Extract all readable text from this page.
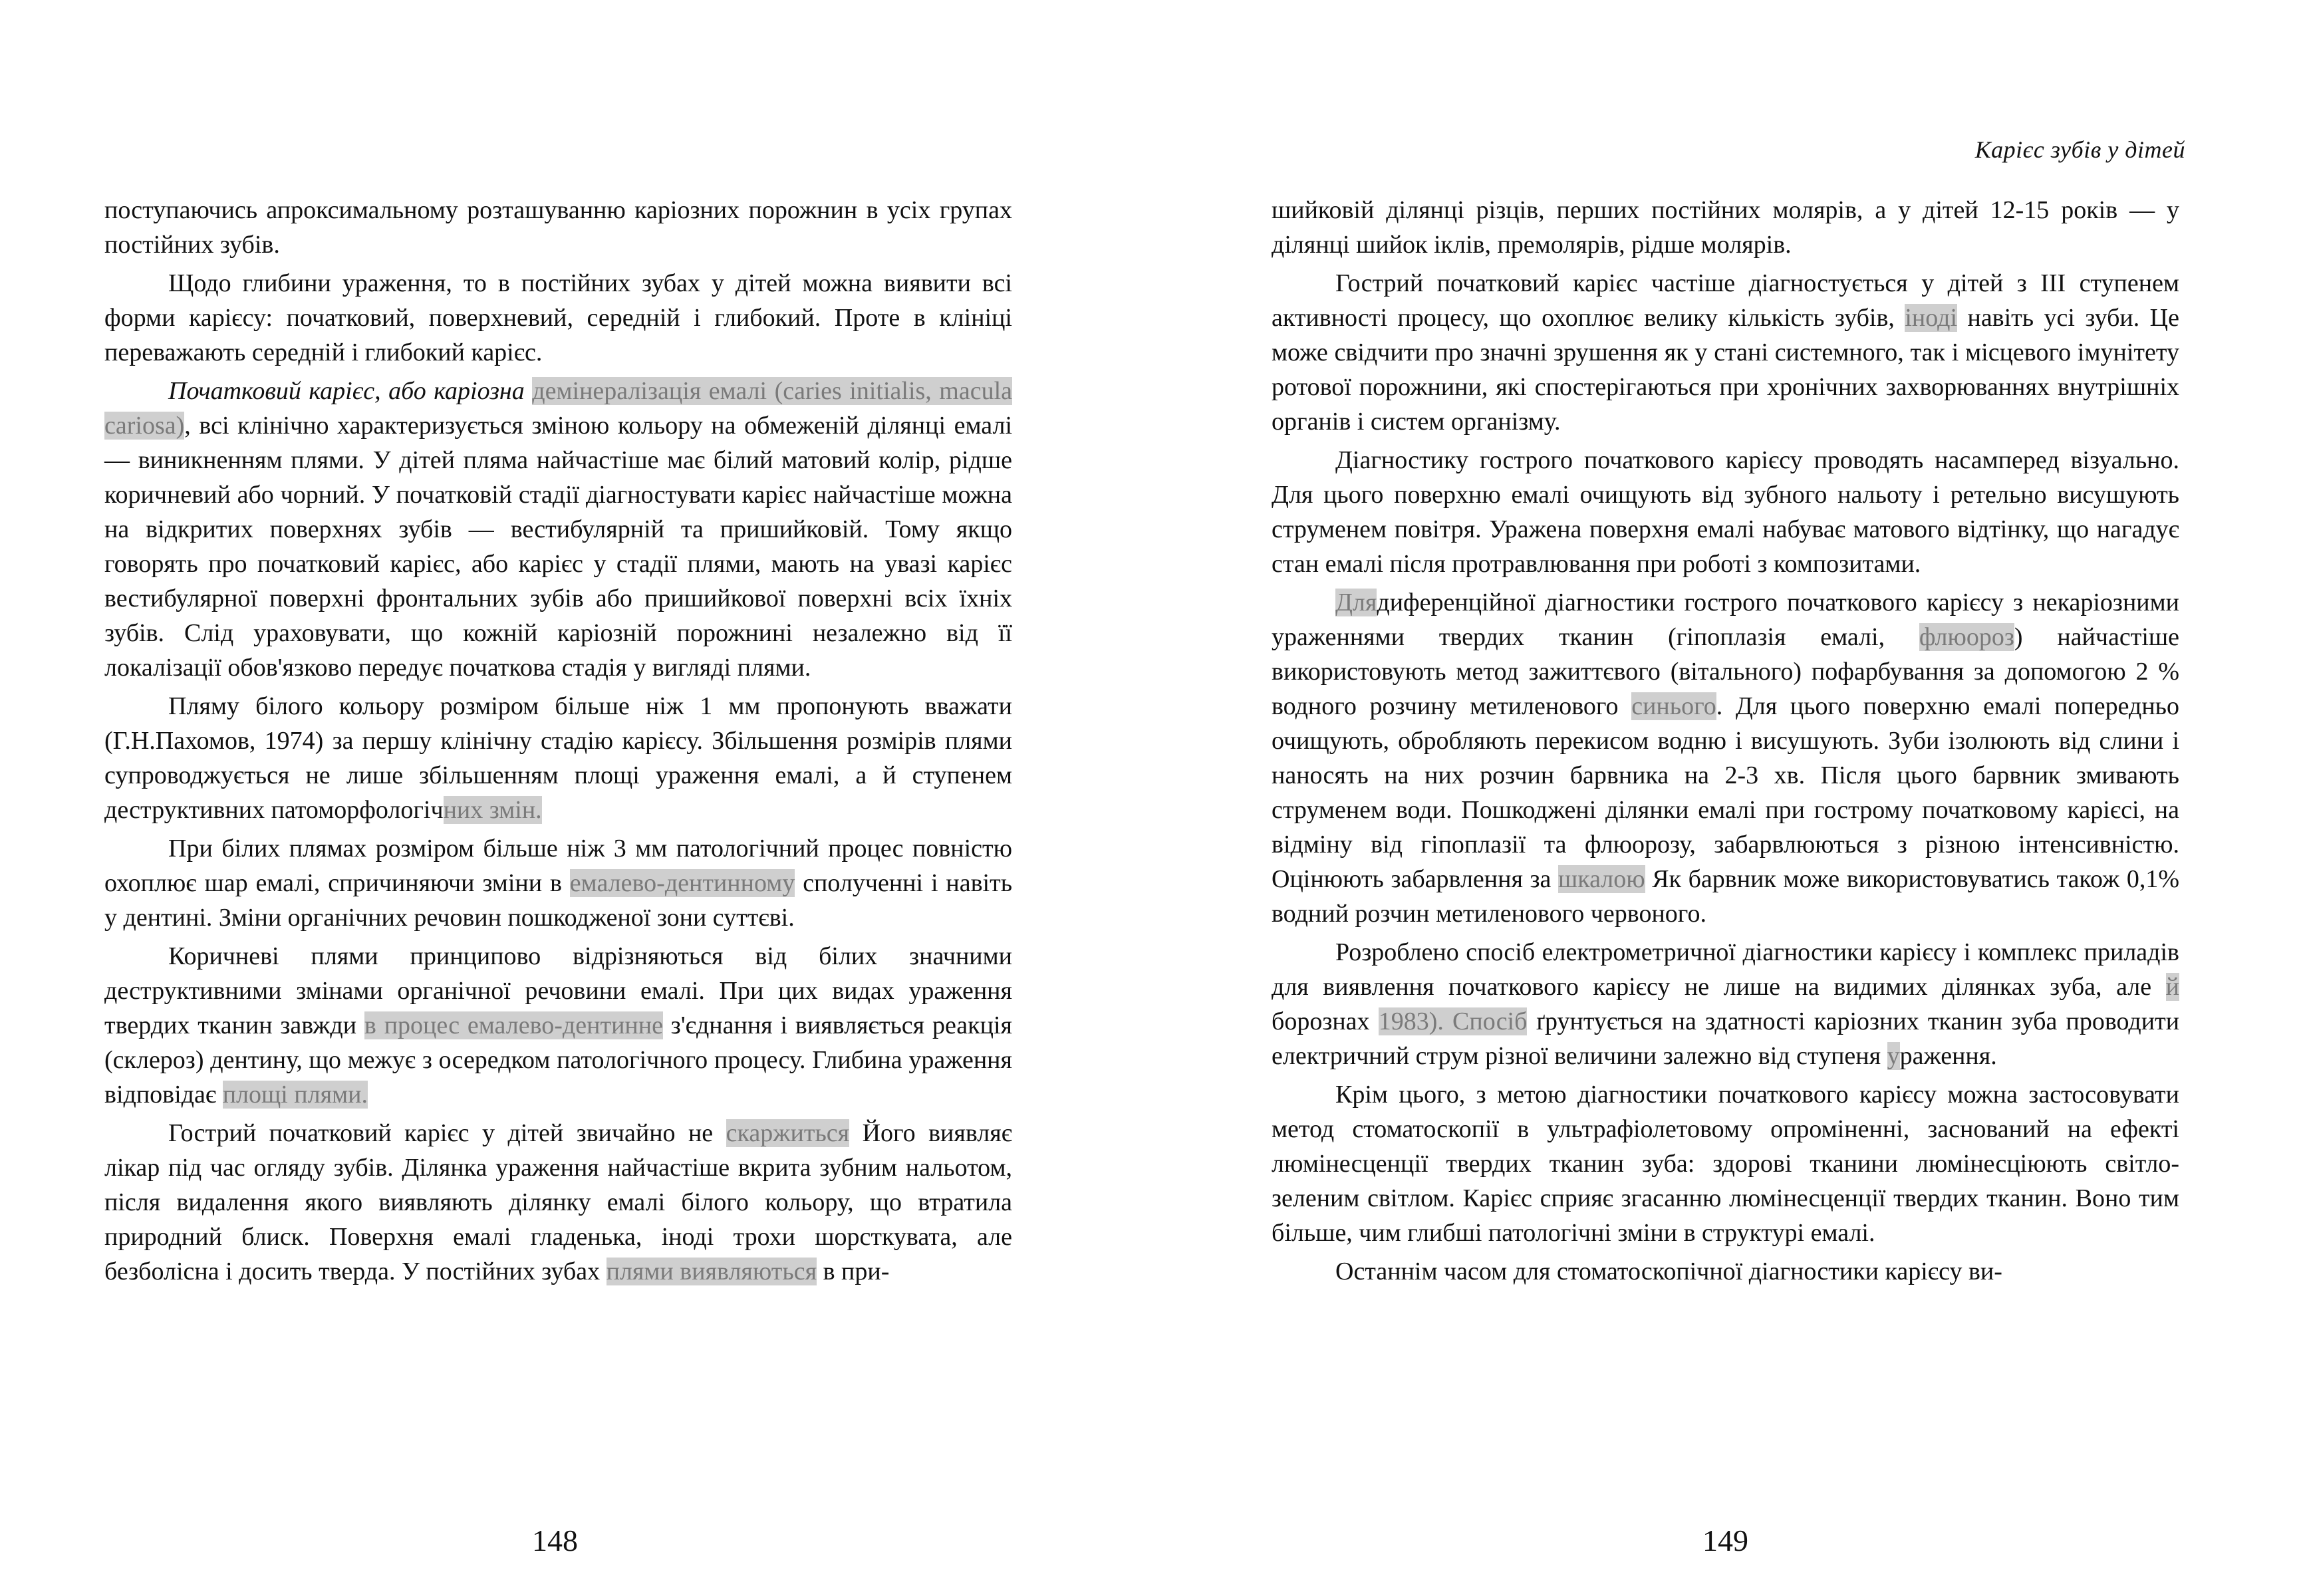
поступаючись апроксимальному розташуванню каріозних порожнин в усіх групах постійних зубів.

Щодо глибини ураження, то в постійних зубах у дітей можна виявити всі форми карієсу: початковий, поверхневий, середній і глибокий. Проте в клініці переважають середній і глибокий карієс.

Початковий карієс, або каріозна демінералізація емалі (caries initialis, macula cariosa), всі клінічно характеризується зміною кольору на обмеженій ділянці емалі — виникненням плями. У дітей пляма найчастіше має білий матовий колір, рідше коричневий або чорний. У початковій стадії діагностувати карієс найчастіше можна на відкритих поверхнях зубів — вестибулярній та пришийковій. Тому якщо говорять про початковий карієс, або карієс у стадії плями, мають на увазі карієс вестибулярної поверхні фронтальних зубів або пришийкової поверхні всіх їхніх зубів. Слід ураховувати, що кожній каріозній порожнині незалежно від її локалізації обов'язково передує початкова стадія у вигляді плями.

Пляму білого кольору розміром більше ніж 1 мм пропонують вважати (Г.Н.Пахомов, 1974) за першу клінічну стадію карієсу. Збільшення розмірів плями супроводжується не лише збільшенням площі ураження емалі, а й ступенем деструктивних патоморфологічних змін.

При білих плямах розміром більше ніж 3 мм патологічний процес повністю охоплює шар емалі, спричиняючи зміни в емалево-дентинному сполученні і навіть у дентині. Зміни органічних речовин пошкодженої зони суттєві.

Коричневі плями принципово відрізняються від білих значними деструктивними змінами органічної речовини емалі. При цих видах ураження твердих тканин завжди в процес емалево-дентинне з'єднання і виявляється реакція (склероз) дентину, що межує з осередком патологічного процесу. Глибина ураження відповідає площі плями.

Гострий початковий карієс у дітей звичайно не скаржиться Його виявляє лікар під час огляду зубів. Ділянка ураження найчастіше вкрита зубним нальотом, після видалення якого виявляють ділянку емалі білого кольору, що втратила природний блиск. Поверхня емалі гладенька, іноді трохи шорсткувата, але безболісна і досить тверда. У постійних зубах плями виявляються в при-

148
Карієс зубів у дітей

шийковій ділянці різців, перших постійних молярів, а у дітей 12-15 років — у ділянці шийок іклів, премолярів, рідше молярів.

Гострий початковий карієс частіше діагностується у дітей з III ступенем активності процесу, що охоплює велику кількість зубів, іноді навіть усі зуби. Це може свідчити про значні зрушення як у стані системного, так і місцевого імунітету ротової порожнини, які спостерігаються при хронічних захворюваннях внутрішніх органів і систем організму.

Діагностику гострого початкового карієсу проводять насамперед візуально. Для цього поверхню емалі очищують від зубного нальоту і ретельно висушують струменем повітря. Уражена поверхня емалі набуває матового відтінку, що нагадує стан емалі після протравлювання при роботі з композитами.

Длядиференційної діагностики гострого початкового карієсу з некаріозними ураженнями твердих тканин (гіпоплазія емалі, флюороз) найчастіше використовують метод зажиттєвого (вітального) пофарбування за допомогою 2 % водного розчину метиленового синього. Для цього поверхню емалі попередньо очищують, обробляють перекисом водню і висушують. Зуби ізолюють від слини і наносять на них розчин барвника на 2-3 хв. Після цього барвник змивають струменем води. Пошкоджені ділянки емалі при гострому початковому карієсі, на відміну від гіпоплазії та флюорозу, забарвлюються з різною інтенсивністю. Оцінюють забарвлення за шкалою Як барвник може використовуватись також 0,1% водний розчин метиленового червоного.

Розроблено спосіб електрометричної діагностики карієсу і комплекс приладів для виявлення початкового карієсу не лише на видимих ділянках зуба, але й борознах 1983). Спосіб ґрунтується на здатності каріозних тканин зуба проводити електричний струм різної величини залежно від ступеня ураження.

Крім цього, з метою діагностики початкового карієсу можна застосовувати метод стоматоскопії в ультрафіолетовому опроміненні, заснований на ефекті люмінесценції твердих тканин зуба: здорові тканини люмінесціюють світло-зеленим світлом. Карієс сприяє згасанню люмінесценції твердих тканин. Воно тим більше, чим глибші патологічні зміни в структурі емалі.

Останнім часом для стоматоскопічної діагностики карієсу ви-

149
